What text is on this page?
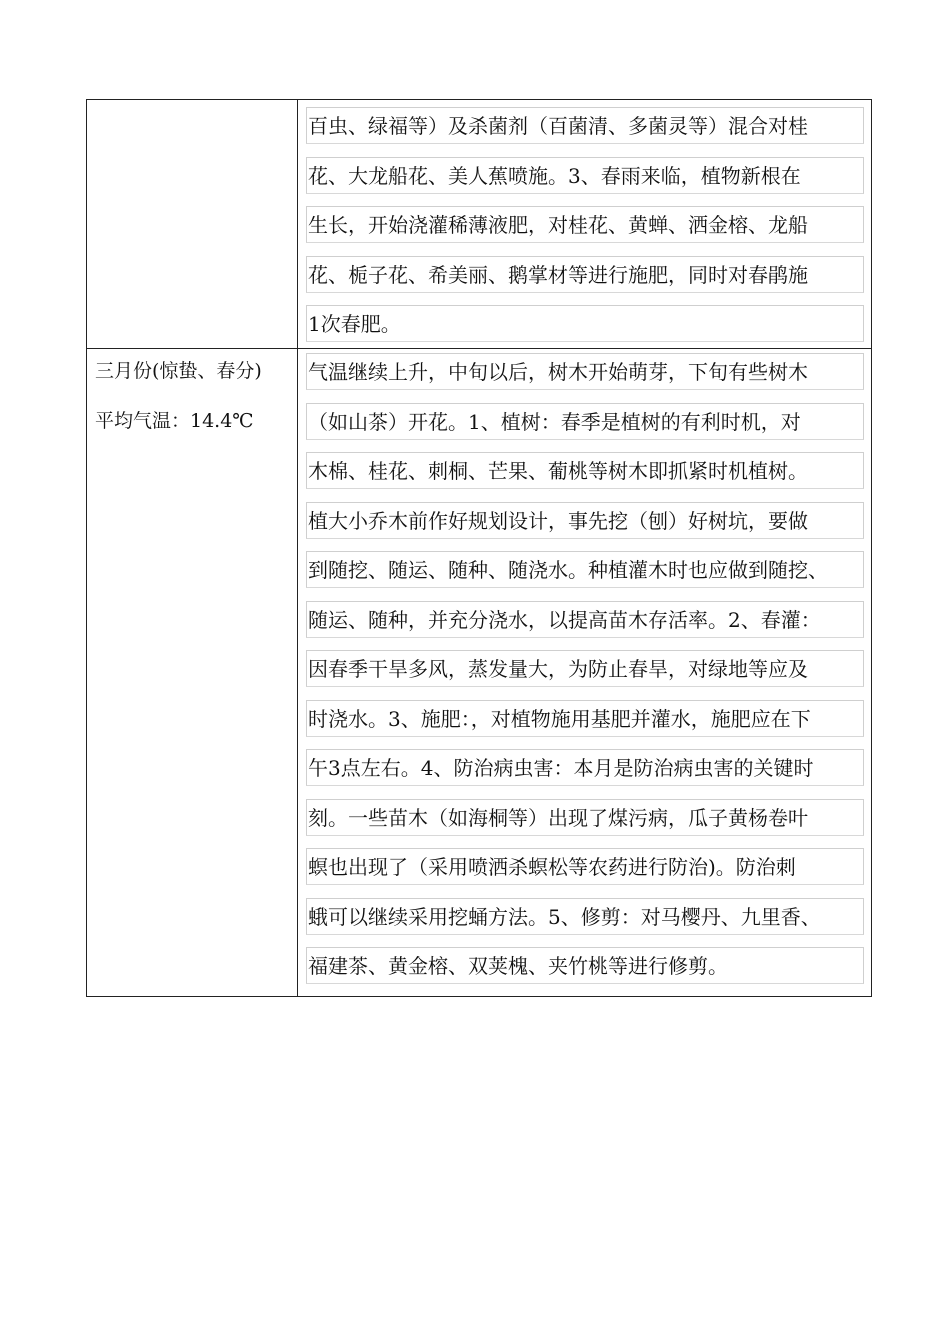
百虫、绿福等）及杀菌剂（百菌清、多菌灵等）混合对桂
花、大龙船花、美人蕉喷施。3、春雨来临，植物新根在
生长，开始浇灌稀薄液肥，对桂花、黄蝉、洒金榕、龙船
花、栀子花、希美丽、鹅掌材等进行施肥，同时对春鹃施
1次春肥。
三月份(惊蛰、春分)
平均气温：14.4℃
气温继续上升，中旬以后，树木开始萌芽，下旬有些树木
（如山茶）开花。1、植树：春季是植树的有利时机，对
木棉、桂花、刺桐、芒果、葡桃等树木即抓紧时机植树。
植大小乔木前作好规划设计，事先挖（刨）好树坑，要做
到随挖、随运、随种、随浇水。种植灌木时也应做到随挖、
随运、随种，并充分浇水，以提高苗木存活率。2、春灌：
因春季干旱多风，蒸发量大，为防止春旱，对绿地等应及
时浇水。3、施肥：，对植物施用基肥并灌水，施肥应在下
午3点左右。4、防治病虫害：本月是防治病虫害的关键时
刻。一些苗木（如海桐等）出现了煤污病，瓜子黄杨卷叶
螟也出现了（采用喷洒杀螟松等农药进行防治)。防治刺
蛾可以继续采用挖蛹方法。5、修剪：对马樱丹、九里香、
福建茶、黄金榕、双荚槐、夹竹桃等进行修剪。
